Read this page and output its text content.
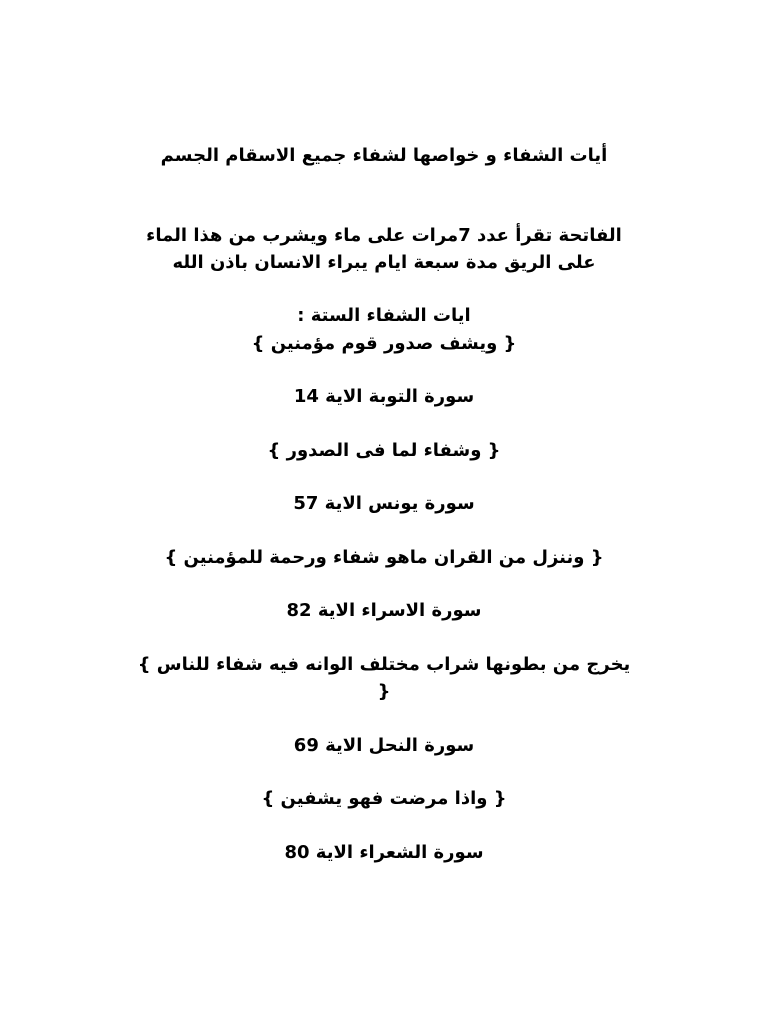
أيات الشفاء و خواصها لشفاء جميع الاسقام الجسم
الفاتحة تقرأ عدد 7مرات على ماء ويشرب من هذا الماء
على الريق مدة سبعة ايام يبراء الانسان باذن الله
ايات الشفاء الستة :
{ ويشف صدور قوم مؤمنين }
سورة التوبة الاية 14
{ وشفاء لما فى الصدور }
سورة يونس الاية 57
{ وننزل من القران ماهو شفاء ورحمة للمؤمنين }
سورة الاسراء الاية 82
يخرج من بطونها شراب مختلف الوانه فيه شفاء للناس }
{
سورة النحل الاية 69
{ واذا مرضت فهو يشفين }
سورة الشعراء الاية 80
